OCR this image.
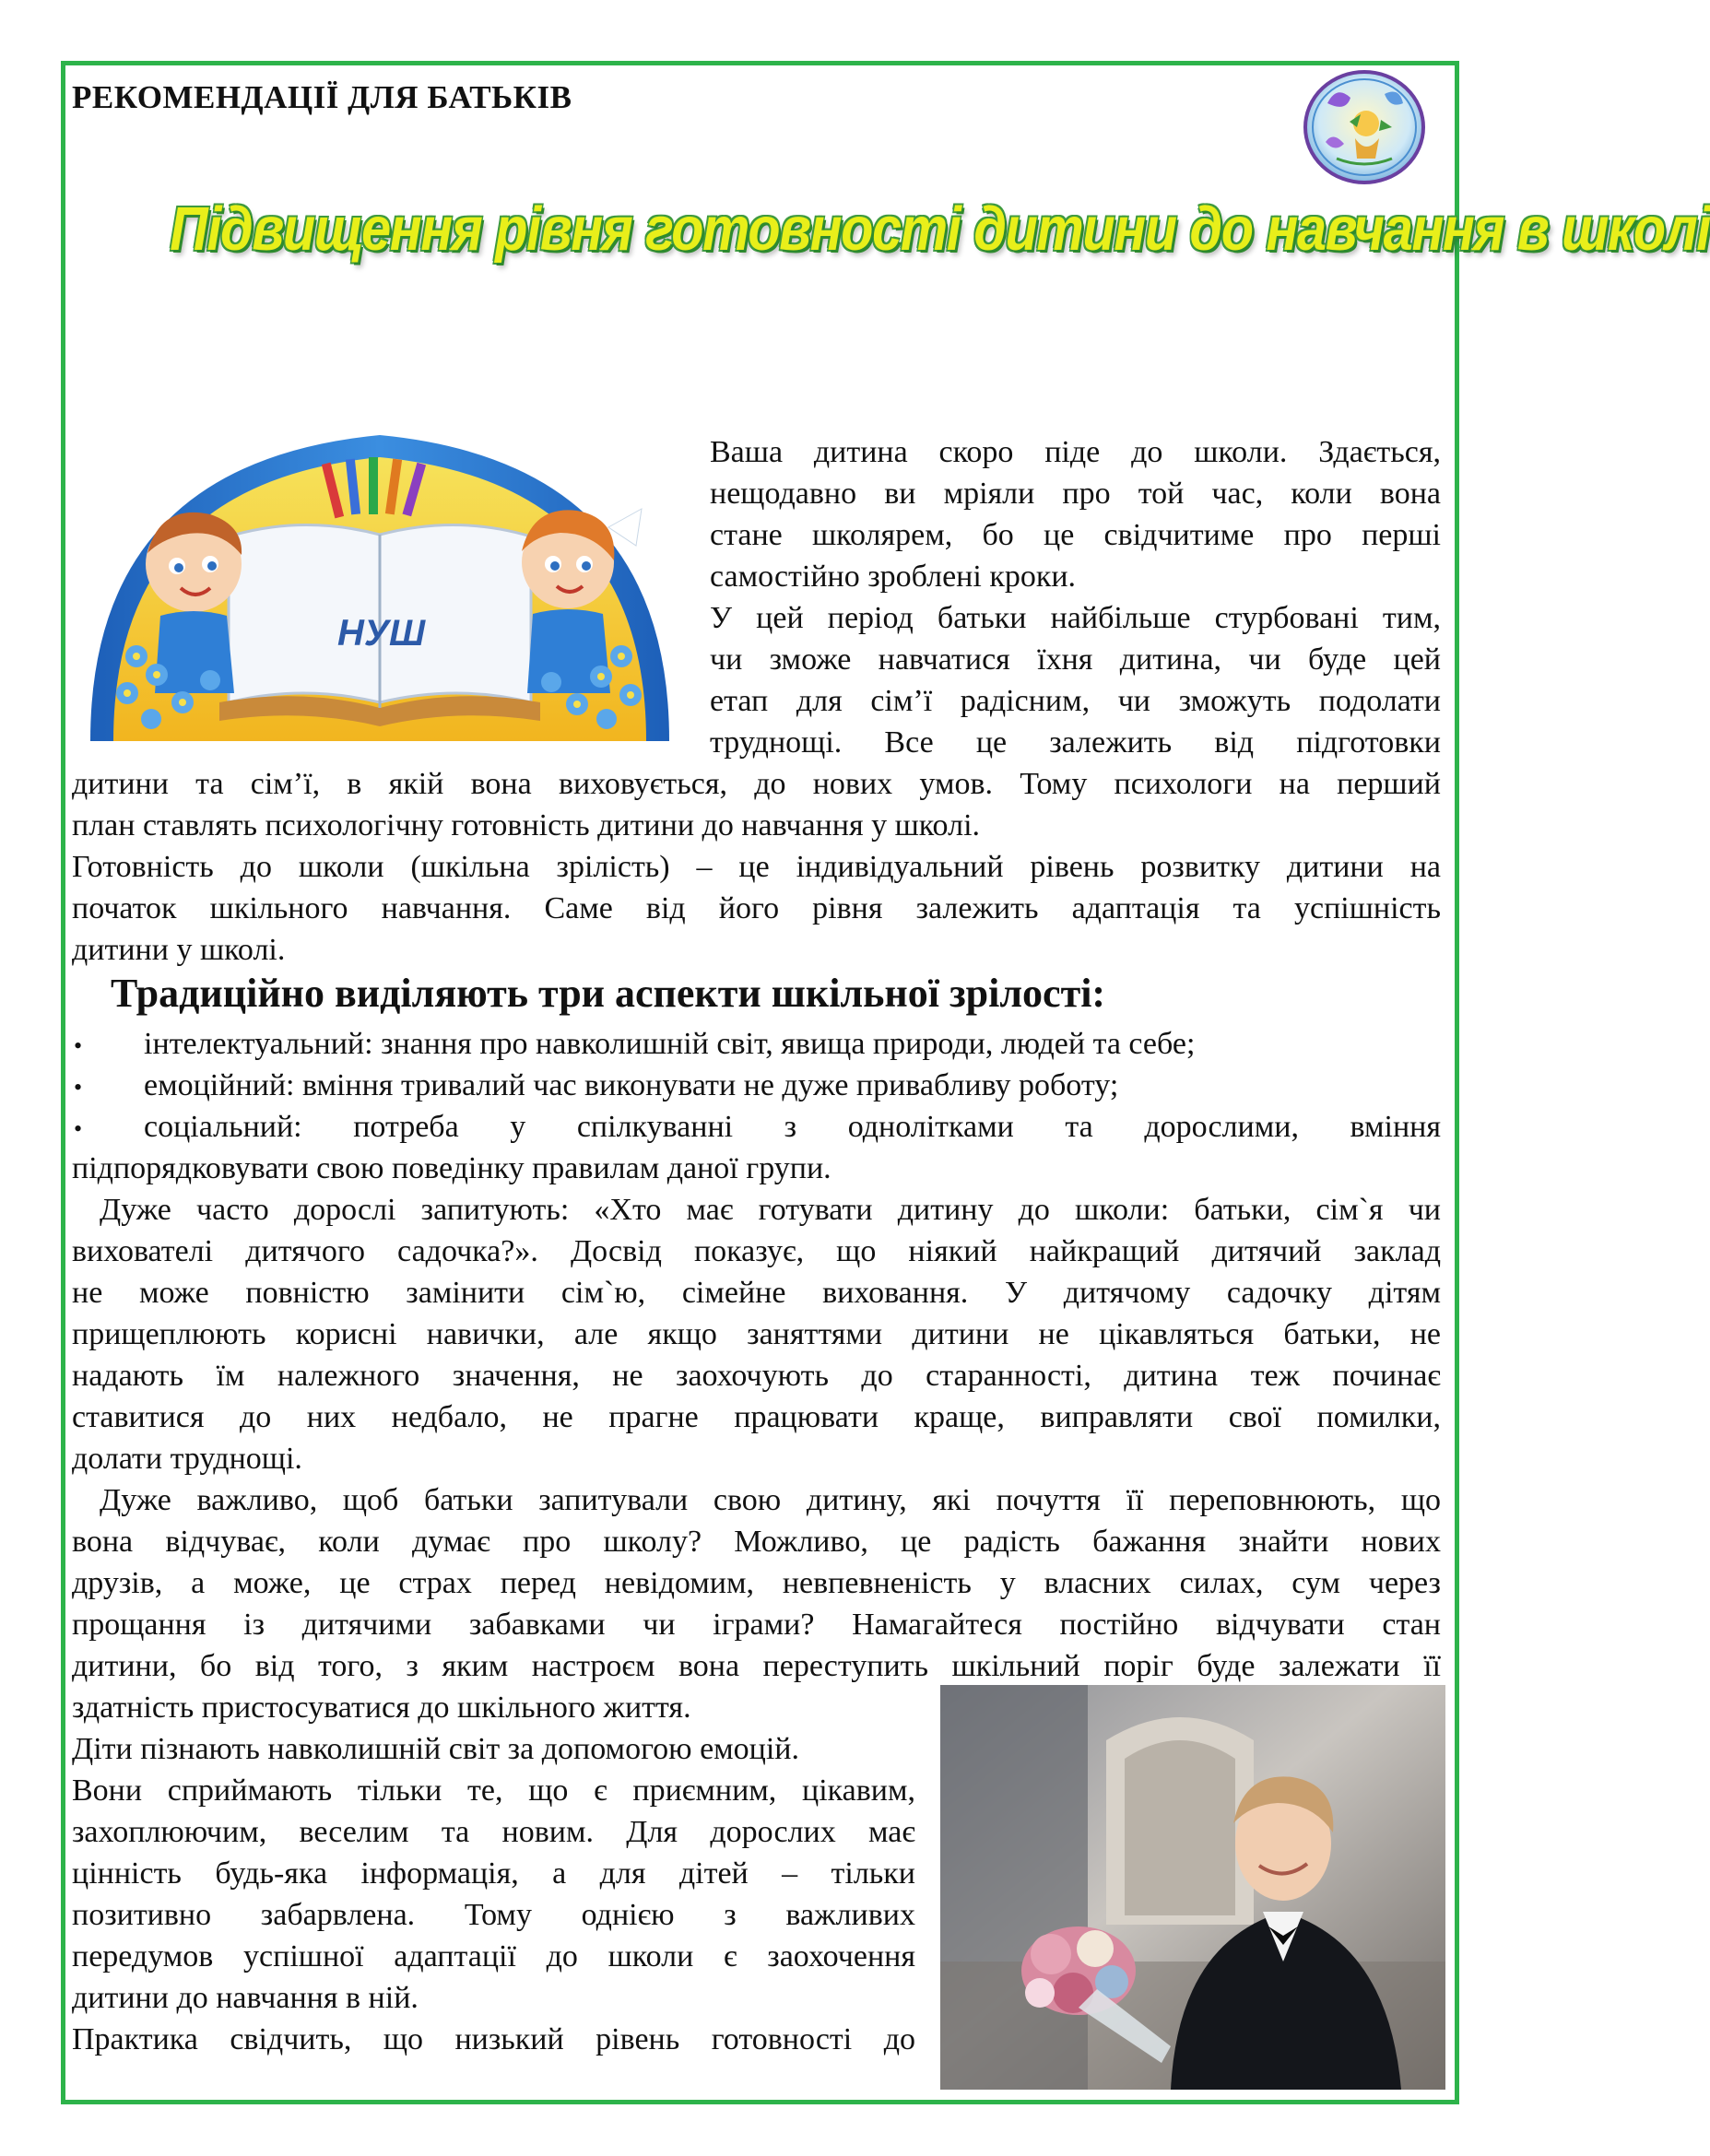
РЕКОМЕНДАЦІЇ ДЛЯ БАТЬКІВ
Підвищення рівня готовності дитини до навчання в школі
НУШ

Ваша дитина скоро піде до школи. Здається,

нещодавно ви мріяли про той час, коли вона

стане школярем, бо це свідчитиме про перші

самостійно зроблені кроки.

У цей період батьки найбільше стурбовані тим,

чи зможе навчатися їхня дитина, чи буде цей

етап для сім’ї радісним, чи зможуть подолати

труднощі. Все це залежить від підготовки

дитини та сім’ї, в якій вона виховується, до нових умов. Тому психологи на перший

план ставлять психологічну готовність дитини до навчання у школі.

Готовність до школи (шкільна зрілість) – це індивідуальний рівень розвитку дитини на

початок шкільного навчання. Саме від його рівня залежить адаптація та успішність

дитини у школі.

Традиційно виділяють три аспекти шкільної зрілості:
• інтелектуальний: знання про навколишній світ, явища природи, людей та себе;

• емоційний: вміння тривалий час виконувати не дуже привабливу роботу;

• соціальний: потреба у спілкуванні з однолітками та дорослими, вміння

підпорядковувати свою поведінку правилам даної групи.

Дуже часто дорослі запитують: «Хто має готувати дитину до школи: батьки, сім`я чи

вихователі дитячого садочка?». Досвід показує, що ніякий найкращий дитячий заклад

не може повністю замінити сім`ю, сімейне виховання. У дитячому садочку дітям

прищеплюють корисні навички, але якщо заняттями дитини не цікавляться батьки, не

надають їм належного значення, не заохочують до старанності, дитина теж починає

ставитися до них недбало, не прагне працювати краще, виправляти свої помилки,

долати труднощі.

Дуже важливо, щоб батьки запитували свою дитину, які почуття її переповнюють, що

вона відчуває, коли думає про школу? Можливо, це радість бажання знайти нових

друзів, а може, це страх перед невідомим, невпевненість у власних силах, сум через

прощання із дитячими забавками чи іграми? Намагайтеся постійно відчувати стан

дитини, бо від того, з яким настроєм вона переступить шкільний поріг буде залежати її

здатність пристосуватися до шкільного життя.

Діти пізнають навколишній світ за допомогою емоцій.

Вони сприймають тільки те, що є приємним, цікавим,

захоплюючим, веселим та новим. Для дорослих має

цінність будь-яка інформація, а для дітей – тільки

позитивно забарвлена. Тому однією з важливих

передумов успішної адаптації до школи є заохочення

дитини до навчання в ній.

Практика свідчить, що низький рівень готовності до
